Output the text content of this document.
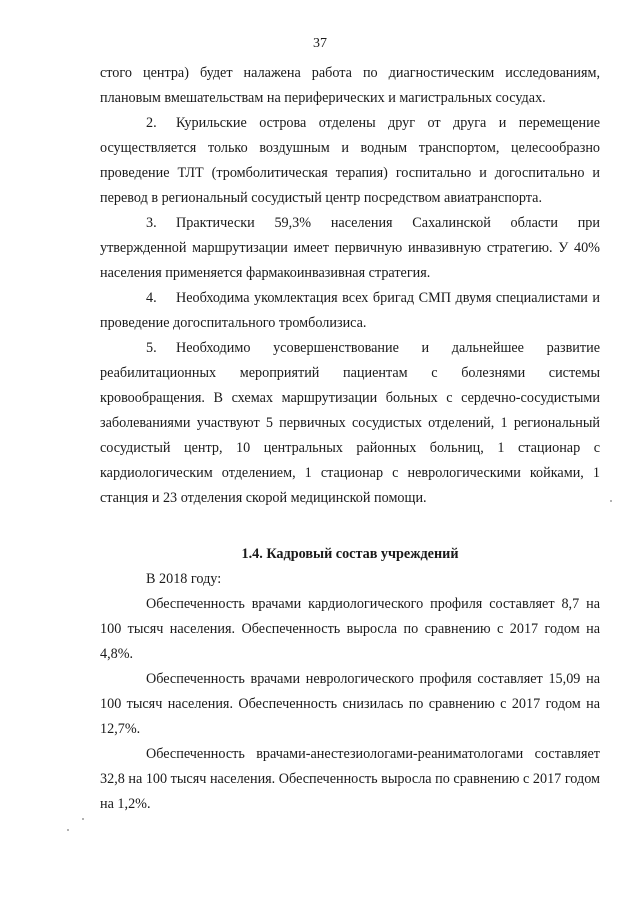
37

стого центра) будет налажена работа по диагностическим исследованиям, плановым вмешательствам на периферических и магистральных сосудах.

2. Курильские острова отделены друг от друга и перемещение осуществляется только воздушным и водным транспортом, целесообразно проведение ТЛТ (тромболитическая терапия) госпитально и догоспитально и перевод в региональный сосудистый центр посредством авиатранспорта.

3. Практически 59,3% населения Сахалинской области при утвержденной маршрутизации имеет первичную инвазивную стратегию. У 40% населения применяется фармакоинвазивная стратегия.

4. Необходима укомлектация всех бригад СМП двумя специалистами и проведение догоспитального тромболизиса.

5. Необходимо усовершенствование и дальнейшее развитие реабилитационных мероприятий пациентам с болезнями системы кровообращения. В схемах маршрутизации больных с сердечно-сосудистыми заболеваниями участвуют 5 первичных сосудистых отделений, 1 региональный сосудистый центр, 10 центральных районных больниц, 1 стационар с кардиологическим отделением, 1 стационар с неврологическими койками, 1 станция и 23 отделения скорой медицинской помощи.

1.4. Кадровый состав учреждений

В 2018 году:

Обеспеченность врачами кардиологического профиля составляет 8,7 на 100 тысяч населения. Обеспеченность выросла по сравнению с 2017 годом на 4,8%.

Обеспеченность врачами неврологического профиля составляет 15,09 на 100 тысяч населения. Обеспеченность снизилась по сравнению с 2017 годом на 12,7%.

Обеспеченность врачами-анестезиологами-реаниматологами составляет 32,8 на 100 тысяч населения. Обеспеченность выросла по сравнению с 2017 годом на 1,2%.
